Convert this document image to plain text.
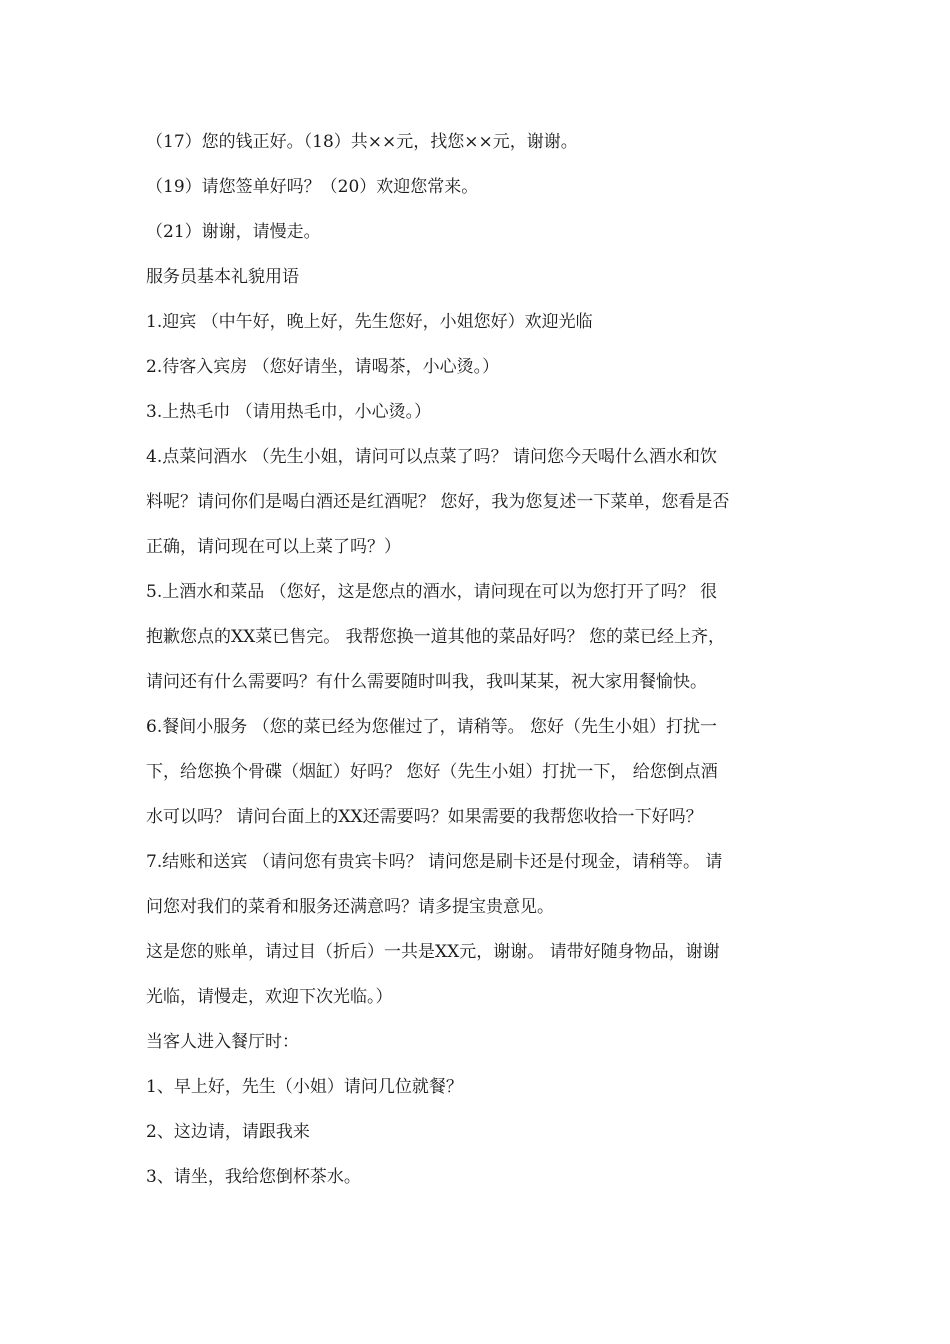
（17）您的钱正好。（18）共××元，找您××元，谢谢。
（19）请您签单好吗？（20）欢迎您常来。
（21）谢谢，请慢走。
服务员基本礼貌用语
1.迎宾 （中午好，晚上好，先生您好，小姐您好）欢迎光临
2.待客入宾房 （您好请坐，请喝茶，小心烫。）
3.上热毛巾 （请用热毛巾，小心烫。）
4.点菜问酒水 （先生小姐，请问可以点菜了吗？ 请问您今天喝什么酒水和饮
料呢？请问你们是喝白酒还是红酒呢？ 您好，我为您复述一下菜单，您看是否
正确，请问现在可以上菜了吗？）
5.上酒水和菜品 （您好，这是您点的酒水，请问现在可以为您打开了吗？ 很
抱歉您点的XX菜已售完。 我帮您换一道其他的菜品好吗？ 您的菜已经上齐，
请问还有什么需要吗？有什么需要随时叫我，我叫某某，祝大家用餐愉快。
6.餐间小服务 （您的菜已经为您催过了，请稍等。 您好（先生小姐）打扰一
下，给您换个骨碟（烟缸）好吗？ 您好（先生小姐）打扰一下， 给您倒点酒
水可以吗？ 请问台面上的XX还需要吗？如果需要的我帮您收拾一下好吗？
7.结账和送宾 （请问您有贵宾卡吗？ 请问您是刷卡还是付现金，请稍等。 请
问您对我们的菜肴和服务还满意吗？请多提宝贵意见。
这是您的账单，请过目（折后）一共是XX元，谢谢。 请带好随身物品，谢谢
光临，请慢走，欢迎下次光临。）
当客人进入餐厅时：
1、早上好，先生（小姐）请问几位就餐？
2、这边请，请跟我来
3、请坐，我给您倒杯茶水。
